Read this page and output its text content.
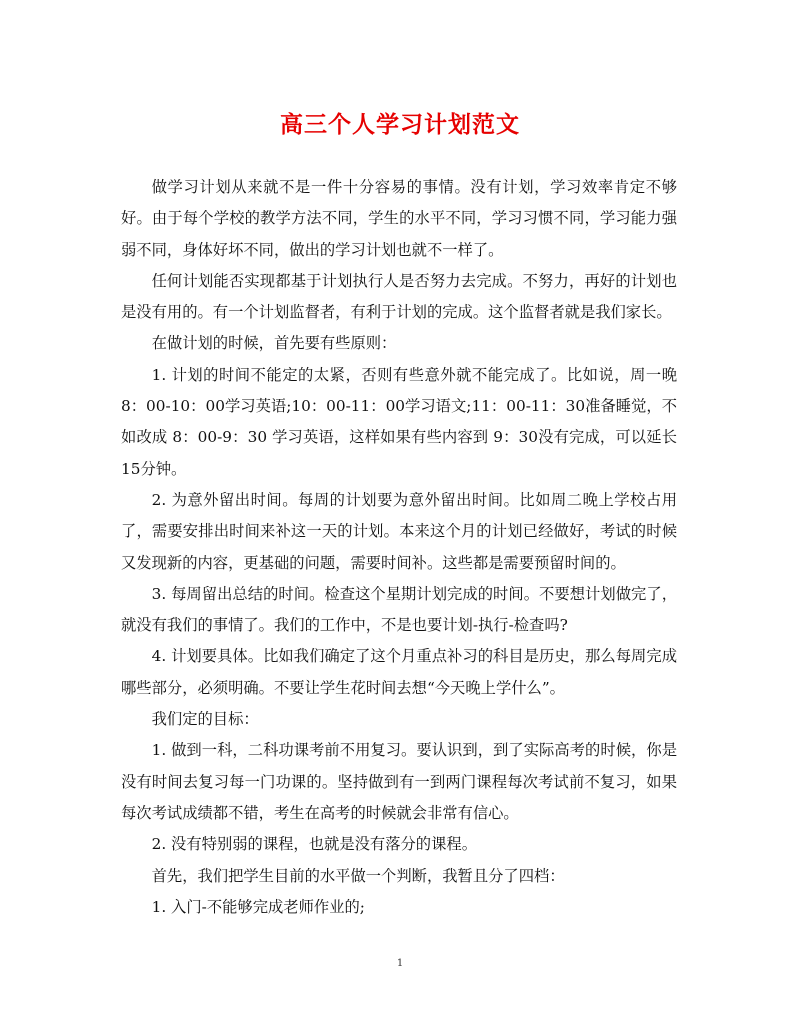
高三个人学习计划范文

做学习计划从来就不是一件十分容易的事情。没有计划，学习效率肯定不够好。由于每个学校的教学方法不同，学生的水平不同，学习习惯不同，学习能力强弱不同，身体好坏不同，做出的学习计划也就不一样了。

任何计划能否实现都基于计划执行人是否努力去完成。不努力，再好的计划也是没有用的。有一个计划监督者，有利于计划的完成。这个监督者就是我们家长。

在做计划的时候，首先要有些原则：

1. 计划的时间不能定的太紧，否则有些意外就不能完成了。比如说，周一晚 8：00-10：00学习英语;10：00-11：00学习语文;11：00-11：30准备睡觉，不如改成 8：00-9：30 学习英语，这样如果有些内容到 9：30没有完成，可以延长15分钟。

2. 为意外留出时间。每周的计划要为意外留出时间。比如周二晚上学校占用了，需要安排出时间来补这一天的计划。本来这个月的计划已经做好，考试的时候又发现新的内容，更基础的问题，需要时间补。这些都是需要预留时间的。

3. 每周留出总结的时间。检查这个星期计划完成的时间。不要想计划做完了，就没有我们的事情了。我们的工作中，不是也要计划-执行-检查吗?

4. 计划要具体。比如我们确定了这个月重点补习的科目是历史，那么每周完成哪些部分，必须明确。不要让学生花时间去想“今天晚上学什么”。

我们定的目标：

1. 做到一科，二科功课考前不用复习。要认识到，到了实际高考的时候，你是没有时间去复习每一门功课的。坚持做到有一到两门课程每次考试前不复习，如果每次考试成绩都不错，考生在高考的时候就会非常有信心。

2. 没有特别弱的课程，也就是没有落分的课程。

首先，我们把学生目前的水平做一个判断，我暂且分了四档：

1. 入门-不能够完成老师作业的;

1
